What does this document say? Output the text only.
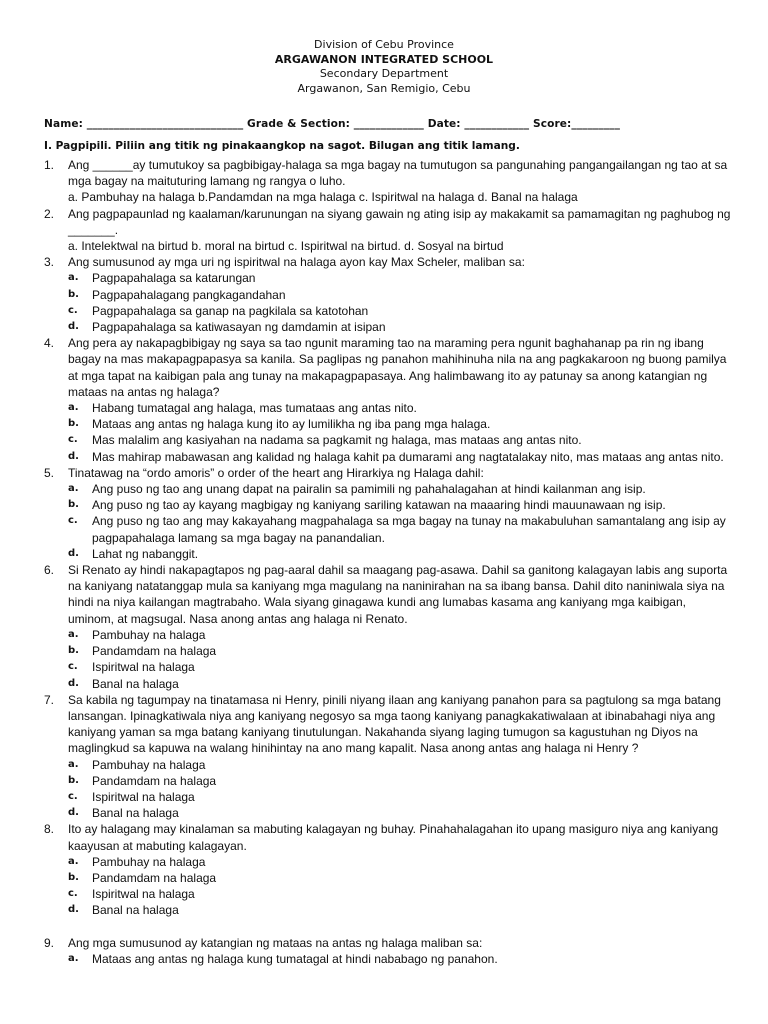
Division of Cebu Province
ARGAWANON INTEGRATED SCHOOL
Secondary Department
Argawanon, San Remigio, Cebu
Name: _____________________________ Grade & Section: _____________ Date: ____________ Score:_________
I. Pagpipili. Piliin ang titik ng pinakaangkop na sagot. Bilugan ang titik lamang.
1. Ang ______ay tumutukoy sa pagbibigay-halaga sa mga bagay na tumutugon sa pangunahing pangangailangan ng tao at sa mga bagay na maituturing lamang ng rangya o luho.
a. Pambuhay na halaga b.Pandamdan na mga halaga c. Ispiritwal na halaga d. Banal na halaga
2. Ang pagpapaunlad ng kaalaman/karunungan na siyang gawain ng ating isip ay makakamit sa pamamagitan ng paghubog ng _______.
a. Intelektwal na birtud b. moral na birtud c. Ispiritwal na birtud. d. Sosyal na birtud
3. Ang sumusunod ay mga uri ng ispiritwal na halaga ayon kay Max Scheler, maliban sa:
a. Pagpapahalaga sa katarungan
b. Pagpapahalagang pangkagandahan
c. Pagpapahalaga sa ganap na pagkilala sa katotohan
d. Pagpapahalaga sa katiwasayan ng damdamin at isipan
4. Ang pera ay nakapagbibigay ng saya sa tao ngunit maraming tao na maraming pera ngunit baghahanap pa rin ng ibang bagay na mas makapagpapasya sa kanila. Sa paglipas ng panahon mahihinuha nila na ang pagkakaroon ng buong pamilya at mga tapat na kaibigan pala ang tunay na makapagpapasaya. Ang halimbawang ito ay patunay sa anong katangian ng mataas na antas ng halaga?
a. Habang tumatagal ang halaga, mas tumataas ang antas nito.
b. Mataas ang antas ng halaga kung ito ay lumilikha ng iba pang mga halaga.
c. Mas malalim ang kasiyahan na nadama sa pagkamit ng halaga, mas mataas ang antas nito.
d. Mas mahirap mabawasan ang kalidad ng halaga kahit pa dumarami ang nagtatalakay nito, mas mataas ang antas nito.
5. Tinatawag na “ordo amoris” o order of the heart ang Hirarkiya ng Halaga dahil:
a. Ang puso ng tao ang unang dapat na pairalin sa pamimili ng pahahalagahan at hindi kailanman ang isip.
b. Ang puso ng tao ay kayang magbigay ng kaniyang sariling katawan na maaaring hindi mauunawaan ng isip.
c. Ang puso ng tao ang may kakayahang magpahalaga sa mga bagay na tunay na makabuluhan samantalang ang isip ay pagpapahalaga lamang sa mga bagay na panandalian.
d. Lahat ng nabanggit.
6. Si Renato ay hindi nakapagtapos ng pag-aaral dahil sa maagang pag-asawa. Dahil sa ganitong kalagayan labis ang suporta na kaniyang natatanggap mula sa kaniyang mga magulang na naninirahan na sa ibang bansa. Dahil dito naniniwala siya na hindi na niya kailangan magtrabaho. Wala siyang ginagawa kundi ang lumabas kasama ang kaniyang mga kaibigan, uminom, at magsugal. Nasa anong antas ang halaga ni Renato.
a. Pambuhay na halaga
b. Pandamdam na halaga
c. Ispiritwal na halaga
d. Banal na halaga
7. Sa kabila ng tagumpay na tinatamasa ni Henry, pinili niyang ilaan ang kaniyang panahon para sa pagtulong sa mga batang lansangan. Ipinagkatiwala niya ang kaniyang negosyo sa mga taong kaniyang panagkakatiwalaan at ibinabahagi niya ang kaniyang yaman sa mga batang kaniyang tinutulungan. Nakahanda siyang laging tumugon sa kagustuhan ng Diyos na maglingkud sa kapuwa na walang hinihintay na ano mang kapalit. Nasa anong antas ang halaga ni Henry ?
a. Pambuhay na halaga
b. Pandamdam na halaga
c. Ispiritwal na halaga
d. Banal na halaga
8. Ito ay halagang may kinalaman sa mabuting kalagayan ng buhay. Pinahahalagahan ito upang masiguro niya ang kaniyang kaayusan at mabuting kalagayan.
a. Pambuhay na halaga
b. Pandamdam na halaga
c. Ispiritwal na halaga
d. Banal na halaga
9. Ang mga sumusunod ay katangian ng mataas na antas ng halaga maliban sa:
a. Mataas ang antas ng halaga kung tumatagal at hindi nababago ng panahon.
